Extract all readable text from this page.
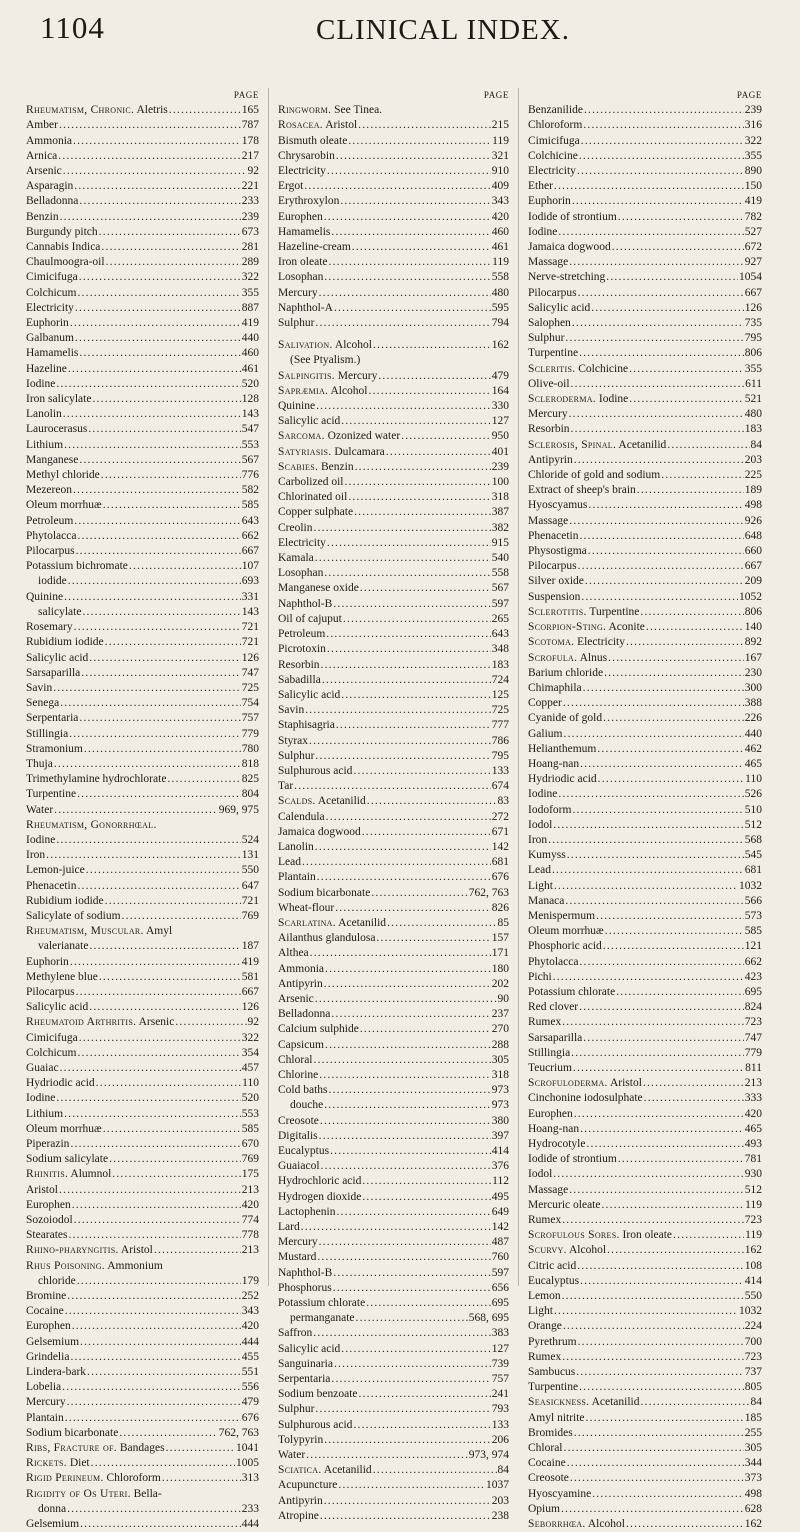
1104	CLINICAL INDEX.
PAGE
Rheumatism, Chronic. Aletris .....	165
Amber .....	787
Ammonia .....	178
Arnica .....	217
Arsenic .....	92
Asparagin .....	221
Belladonna .....	233
Benzin .....	239
Burgundy pitch .....	673
Cannabis Indica .....	281
Chaulmoogra-oil .....	289
Cimicifuga .....	322
Colchicum .....	355
Electricity .....	887
Euphorin .....	419
Galbanum .....	440
Hamamelis .....	460
Hazeline .....	461
Iodine .....	520
Iron salicylate .....	128
Lanolin .....	143
Laurocerasus .....	547
Lithium .....	553
Manganese .....	567
Methyl chloride .....	776
Mezereon .....	582
Oleum morrhuæ .....	585
Petroleum .....	643
Phytolacca .....	662
Pilocarpus .....	667
Potassium bichromate .....	107
iodide .....	693
Quinine .....	331
salicylate .....	143
Rosemary .....	721
Rubidium iodide .....	721
Salicylic acid .....	126
Sarsaparilla .....	747
Savin .....	725
Senega .....	754
Serpentaria .....	757
Stillingia .....	779
Stramonium .....	780
Thuja .....	818
Trimethylamine hydrochlorate .....	825
Turpentine .....	804
Water .....	969, 975
Rheumatism, Gonorrhœal.
Iodine .....	524
Iron .....	131
Lemon-juice .....	550
Phenacetin .....	647
Rubidium iodide .....	721
Salicylate of sodium .....	769
Rheumatism, Muscular. Amyl
valerianate .....	187
Euphorin .....	419
Methylene blue .....	581
Pilocarpus .....	667
Salicylic acid .....	126
Rheumatoid Arthritis. Arsenic .....	92
Cimicifuga .....	322
Colchicum .....	354
Guaiac .....	457
Hydriodic acid .....	110
Iodine .....	520
Lithium .....	553
Oleum morrhuæ .....	585
Piperazin .....	670
Sodium salicylate .....	769
Rhinitis. Alumnol .....	175
Aristol .....	213
Europhen .....	420
Sozoiodol .....	774
Stearates .....	778
Rhino-pharyngitis. Aristol .....	213
Rhus Poisoning. Ammonium
chloride .....	179
Bromine .....	252
Cocaine .....	343
Europhen .....	420
Gelsemium .....	444
Grindelia .....	455
Lindera-bark .....	551
Lobelia .....	556
Mercury .....	479
Plantain .....	676
Sodium bicarbonate .....	762, 763
Ribs, Fracture of. Bandages .....	1041
Rickets. Diet .....	1005
Rigid Perineum. Chloroform .....	313
Rigidity of Os Uteri. Bella-
donna .....	233
Gelsemium .....	444
PAGE
Ringworm. See Tinea.
Rosacea. Aristol .....	215
Bismuth oleate .....	119
Chrysarobin .....	321
Electricity .....	910
Ergot .....	409
Erythroxylon .....	343
Europhen .....	420
Hamamelis .....	460
Hazeline-cream .....	461
Iron oleate .....	119
Losophan .....	558
Mercury .....	480
Naphthol-A .....	595
Sulphur .....	794
Salivation. Alcohol .....	162
(See Ptyalism.)
Salpingitis. Mercury .....	479
Sapræmia. Alcohol .....	164
Quinine .....	330
Salicylic acid .....	127
Sarcoma. Ozonized water .....	950
Satyriasis. Dulcamara .....	401
Scabies. Benzin .....	239
Carbolized oil .....	100
Chlorinated oil .....	318
Copper sulphate .....	387
Creolin .....	382
Electricity .....	915
Kamala .....	540
Losophan .....	558
Manganese oxide .....	567
Naphthol-B .....	597
Oil of cajuput .....	265
Petroleum .....	643
Picrotoxin .....	348
Resorbin .....	183
Sabadilla .....	724
Salicylic acid .....	125
Savin .....	725
Staphisagria .....	777
Styrax .....	786
Sulphur .....	795
Sulphurous acid .....	133
Tar .....	674
Scalds. Acetanilid .....	83
Calendula .....	272
Jamaica dogwood .....	671
Lanolin .....	142
Lead .....	681
Plantain .....	676
Sodium bicarbonate .....	762, 763
Wheat-flour .....	826
Scarlatina. Acetanilid .....	85
Ailanthus glandulosa .....	157
Althea .....	171
Ammonia .....	180
Antipyrin .....	202
Arsenic .....	90
Belladonna .....	237
Calcium sulphide .....	270
Capsicum .....	288
Chloral .....	305
Chlorine .....	318
Cold baths .....	973
douche .....	973
Creosote .....	380
Digitalis .....	397
Eucalyptus .....	414
Guaiacol .....	376
Hydrochloric acid .....	112
Hydrogen dioxide .....	495
Lactophenin .....	649
Lard .....	142
Mercury .....	487
Mustard .....	760
Naphthol-B .....	597
Phosphorus .....	656
Potassium chlorate .....	695
permanganate .....	568, 695
Saffron .....	383
Salicylic acid .....	127
Sanguinaria .....	739
Serpentaria .....	757
Sodium benzoate .....	241
Sulphur .....	793
Sulphurous acid .....	133
Tolypyrin .....	206
Water .....	973, 974
Sciatica. Acetanilid .....	84
Acupuncture .....	1037
Antipyrin .....	203
Atropine .....	238
PAGE
Benzanilide .....	239
Chloroform .....	316
Cimicifuga .....	322
Colchicine .....	355
Electricity .....	890
Ether .....	150
Euphorin .....	419
Iodide of strontium .....	782
Iodine .....	527
Jamaica dogwood .....	672
Massage .....	927
Nerve-stretching .....	1054
Pilocarpus .....	667
Salicylic acid .....	126
Salophen .....	735
Sulphur .....	795
Turpentine .....	806
Scleritis. Colchicine .....	355
Olive-oil .....	611
Scleroderma. Iodine .....	521
Mercury .....	480
Resorbin .....	183
Sclerosis, Spinal. Acetanilid .....	84
Antipyrin .....	203
Chloride of gold and sodium .....	225
Extract of sheep's brain .....	189
Hyoscyamus .....	498
Massage .....	926
Phenacetin .....	648
Physostigma .....	660
Pilocarpus .....	667
Silver oxide .....	209
Suspension .....	1052
Sclerotitis. Turpentine .....	806
Scorpion-Sting. Aconite .....	140
Scotoma. Electricity .....	892
Scrofula. Alnus .....	167
Barium chloride .....	230
Chimaphila .....	300
Copper .....	388
Cyanide of gold .....	226
Galium .....	440
Helianthemum .....	462
Hoang-nan .....	465
Hydriodic acid .....	110
Iodine .....	526
Iodoform .....	510
Iodol .....	512
Iron .....	568
Kumyss .....	545
Lead .....	681
Light .....	1032
Manaca .....	566
Menispermum .....	573
Oleum morrhuæ .....	585
Phosphoric acid .....	121
Phytolacca .....	662
Pichi .....	423
Potassium chlorate .....	695
Red clover .....	824
Rumex .....	723
Sarsaparilla .....	747
Stillingia .....	779
Teucrium .....	811
Scrofuloderma. Aristol .....	213
Cinchonine iodosulphate .....	333
Europhen .....	420
Hoang-nan .....	465
Hydrocotyle .....	493
Iodide of strontium .....	781
Iodol .....	930
Massage .....	512
Mercuric oleate .....	119
Rumex .....	723
Scrofulous Sores. Iron oleate .....	119
Scurvy. Alcohol .....	162
Citric acid .....	108
Eucalyptus .....	414
Lemon .....	550
Light .....	1032
Orange .....	224
Pyrethrum .....	700
Rumex .....	723
Sambucus .....	737
Turpentine .....	805
Seasickness. Acetanilid .....	84
Amyl nitrite .....	185
Bromides .....	255
Chloral .....	305
Cocaine .....	344
Creosote .....	373
Hyoscyamine .....	498
Opium .....	628
Seborrhœa. Alcohol .....	162
